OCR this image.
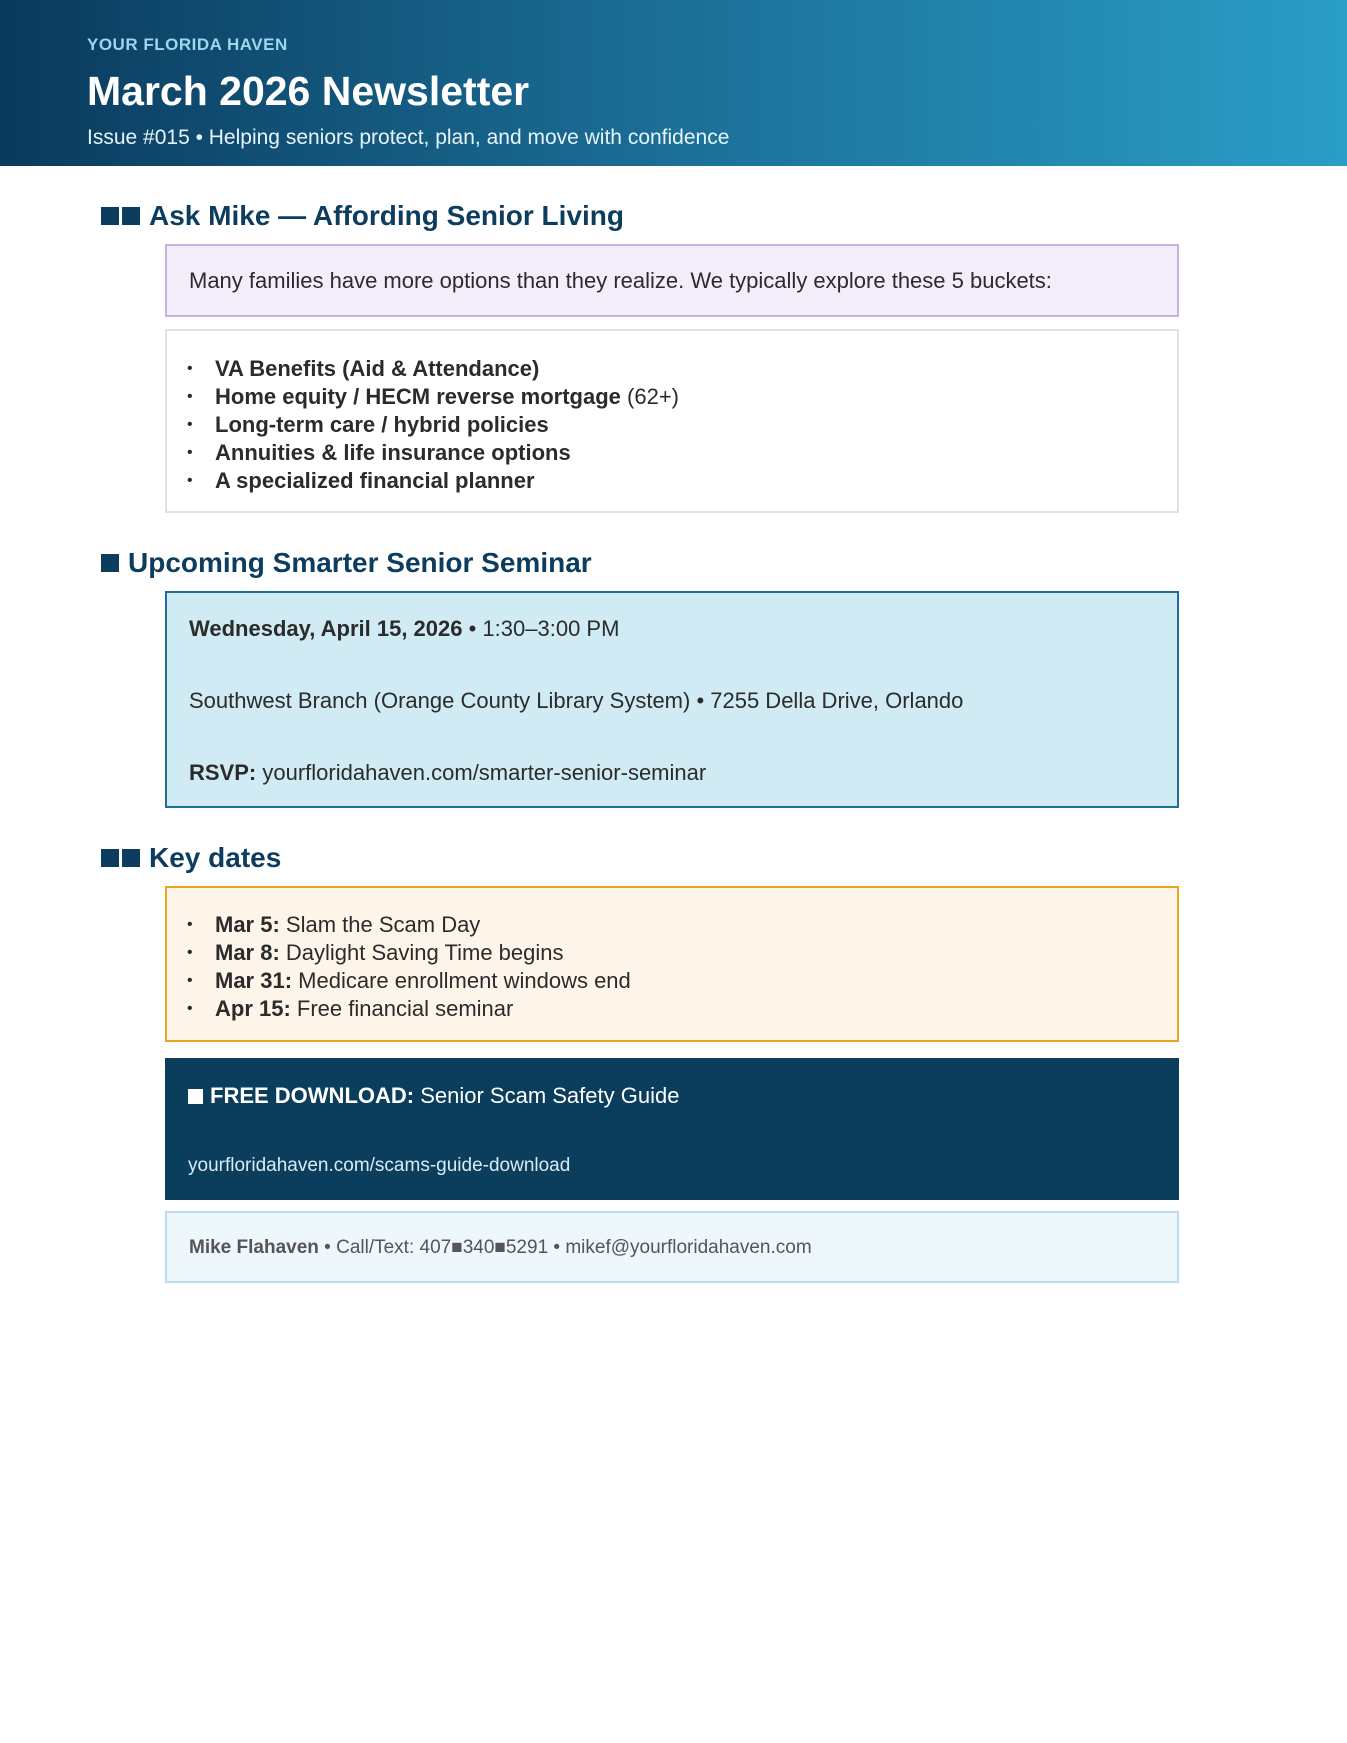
YOUR FLORIDA HAVEN
March 2026 Newsletter
Issue #015 • Helping seniors protect, plan, and move with confidence
Ask Mike — Affording Senior Living
Many families have more options than they realize. We typically explore these 5 buckets:
• VA Benefits (Aid & Attendance)
• Home equity / HECM reverse mortgage (62+)
• Long-term care / hybrid policies
• Annuities & life insurance options
• A specialized financial planner
Upcoming Smarter Senior Seminar
Wednesday, April 15, 2026 • 1:30–3:00 PM
Southwest Branch (Orange County Library System) • 7255 Della Drive, Orlando
RSVP: yourfloridahaven.com/smarter-senior-seminar
Key dates
• Mar 5: Slam the Scam Day
• Mar 8: Daylight Saving Time begins
• Mar 31: Medicare enrollment windows end
• Apr 15: Free financial seminar
FREE DOWNLOAD: Senior Scam Safety Guide
yourfloridahaven.com/scams-guide-download
Mike Flahaven • Call/Text: 407■340■5291 • mikef@yourfloridahaven.com
